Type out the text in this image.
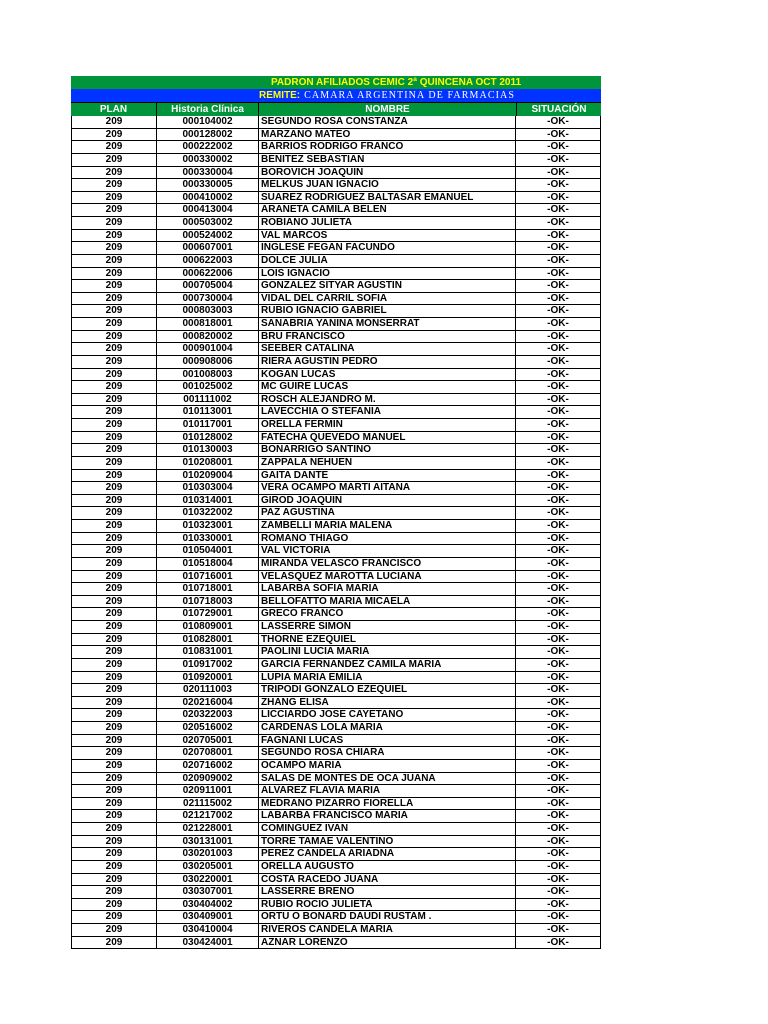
PADRON AFILIADOS CEMIC 2ª QUINCENA OCT 2011
REMITE: CAMARA ARGENTINA DE FARMACIAS
PLAN	Historia Clínica	NOMBRE	SITUACIÓN
209	000104002	SEGUNDO ROSA CONSTANZA	-OK-
209	000128002	MARZANO MATEO	-OK-
209	000222002	BARRIOS RODRIGO FRANCO	-OK-
209	000330002	BENITEZ SEBASTIAN	-OK-
209	000330004	BOROVICH JOAQUIN	-OK-
209	000330005	MELKUS JUAN IGNACIO	-OK-
209	000410002	SUAREZ RODRIGUEZ BALTASAR EMANUEL	-OK-
209	000413004	ARANETA CAMILA BELEN	-OK-
209	000503002	ROBIANO JULIETA	-OK-
209	000524002	VAL MARCOS	-OK-
209	000607001	INGLESE FEGAN FACUNDO	-OK-
209	000622003	DOLCE JULIA	-OK-
209	000622006	LOIS IGNACIO	-OK-
209	000705004	GONZALEZ SITYAR AGUSTIN	-OK-
209	000730004	VIDAL DEL CARRIL SOFIA	-OK-
209	000803003	RUBIO IGNACIO GABRIEL	-OK-
209	000818001	SANABRIA YANINA MONSERRAT	-OK-
209	000820002	BRU FRANCISCO	-OK-
209	000901004	SEEBER CATALINA	-OK-
209	000908006	RIERA AGUSTIN PEDRO	-OK-
209	001008003	KOGAN LUCAS	-OK-
209	001025002	MC GUIRE LUCAS	-OK-
209	001111002	ROSCH ALEJANDRO M.	-OK-
209	010113001	LAVECCHIA O STEFANIA	-OK-
209	010117001	ORELLA FERMIN	-OK-
209	010128002	FATECHA QUEVEDO MANUEL	-OK-
209	010130003	BONARRIGO SANTINO	-OK-
209	010208001	ZAPPALA NEHUEN	-OK-
209	010209004	GAITA DANTE	-OK-
209	010303004	VERA OCAMPO MARTI AITANA	-OK-
209	010314001	GIROD JOAQUIN	-OK-
209	010322002	PAZ AGUSTINA	-OK-
209	010323001	ZAMBELLI MARIA MALENA	-OK-
209	010330001	ROMANO THIAGO	-OK-
209	010504001	VAL VICTORIA	-OK-
209	010518004	MIRANDA VELASCO FRANCISCO	-OK-
209	010716001	VELASQUEZ MAROTTA LUCIANA	-OK-
209	010718001	LABARBA SOFIA MARIA	-OK-
209	010718003	BELLOFATTO MARIA MICAELA	-OK-
209	010729001	GRECO FRANCO	-OK-
209	010809001	LASSERRE SIMON	-OK-
209	010828001	THORNE EZEQUIEL	-OK-
209	010831001	PAOLINI LUCIA MARIA	-OK-
209	010917002	GARCIA FERNANDEZ CAMILA MARIA	-OK-
209	010920001	LUPIA MARIA EMILIA	-OK-
209	020111003	TRIPODI GONZALO EZEQUIEL	-OK-
209	020216004	ZHANG ELISA	-OK-
209	020322003	LICCIARDO JOSE CAYETANO	-OK-
209	020516002	CARDENAS LOLA MARIA	-OK-
209	020705001	FAGNANI LUCAS	-OK-
209	020708001	SEGUNDO ROSA CHIARA	-OK-
209	020716002	OCAMPO MARIA	-OK-
209	020909002	SALAS DE MONTES DE OCA JUANA	-OK-
209	020911001	ALVAREZ FLAVIA MARIA	-OK-
209	021115002	MEDRANO PIZARRO FIORELLA	-OK-
209	021217002	LABARBA FRANCISCO MARIA	-OK-
209	021228001	COMINGUEZ IVAN	-OK-
209	030131001	TORRE TAMAE VALENTINO	-OK-
209	030201003	PEREZ CANDELA ARIADNA	-OK-
209	030205001	ORELLA AUGUSTO	-OK-
209	030220001	COSTA RACEDO JUANA	-OK-
209	030307001	LASSERRE BRENO	-OK-
209	030404002	RUBIO ROCIO JULIETA	-OK-
209	030409001	ORTU O BONARD DAUDI RUSTAM .	-OK-
209	030410004	RIVEROS CANDELA MARIA	-OK-
209	030424001	AZNAR LORENZO	-OK-
